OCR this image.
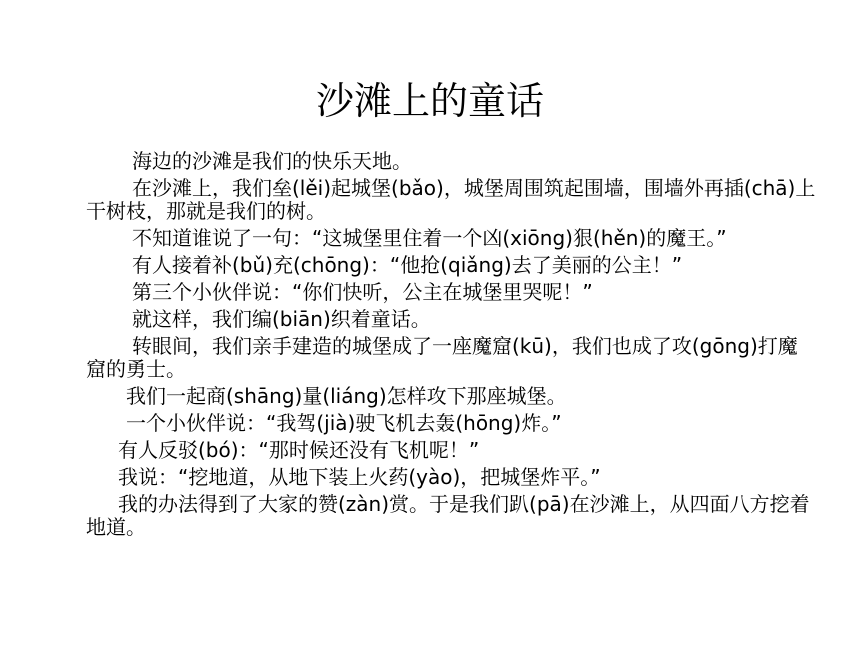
沙滩上的童话

海边的沙滩是我们的快乐天地。

在沙滩上，我们垒(lěi)起城堡(bǎo)，城堡周围筑起围墙，围墙外再插(chā)上干树枝，那就是我们的树。

不知道谁说了一句：“这城堡里住着一个凶(xiōng)狠(hěn)的魔王。”

有人接着补(bǔ)充(chōng)：“他抢(qiǎng)去了美丽的公主！”

第三个小伙伴说：“你们快听，公主在城堡里哭呢！”

就这样，我们编(biān)织着童话。

转眼间，我们亲手建造的城堡成了一座魔窟(kū)，我们也成了攻(gōng)打魔窟的勇士。

我们一起商(shāng)量(liáng)怎样攻下那座城堡。

一个小伙伴说：“我驾(jià)驶飞机去轰(hōng)炸。”

有人反驳(bó)：“那时候还没有飞机呢！”

我说：“挖地道，从地下装上火药(yào)，把城堡炸平。”

我的办法得到了大家的赞(zàn)赏。于是我们趴(pā)在沙滩上，从四面八方挖着地道。
